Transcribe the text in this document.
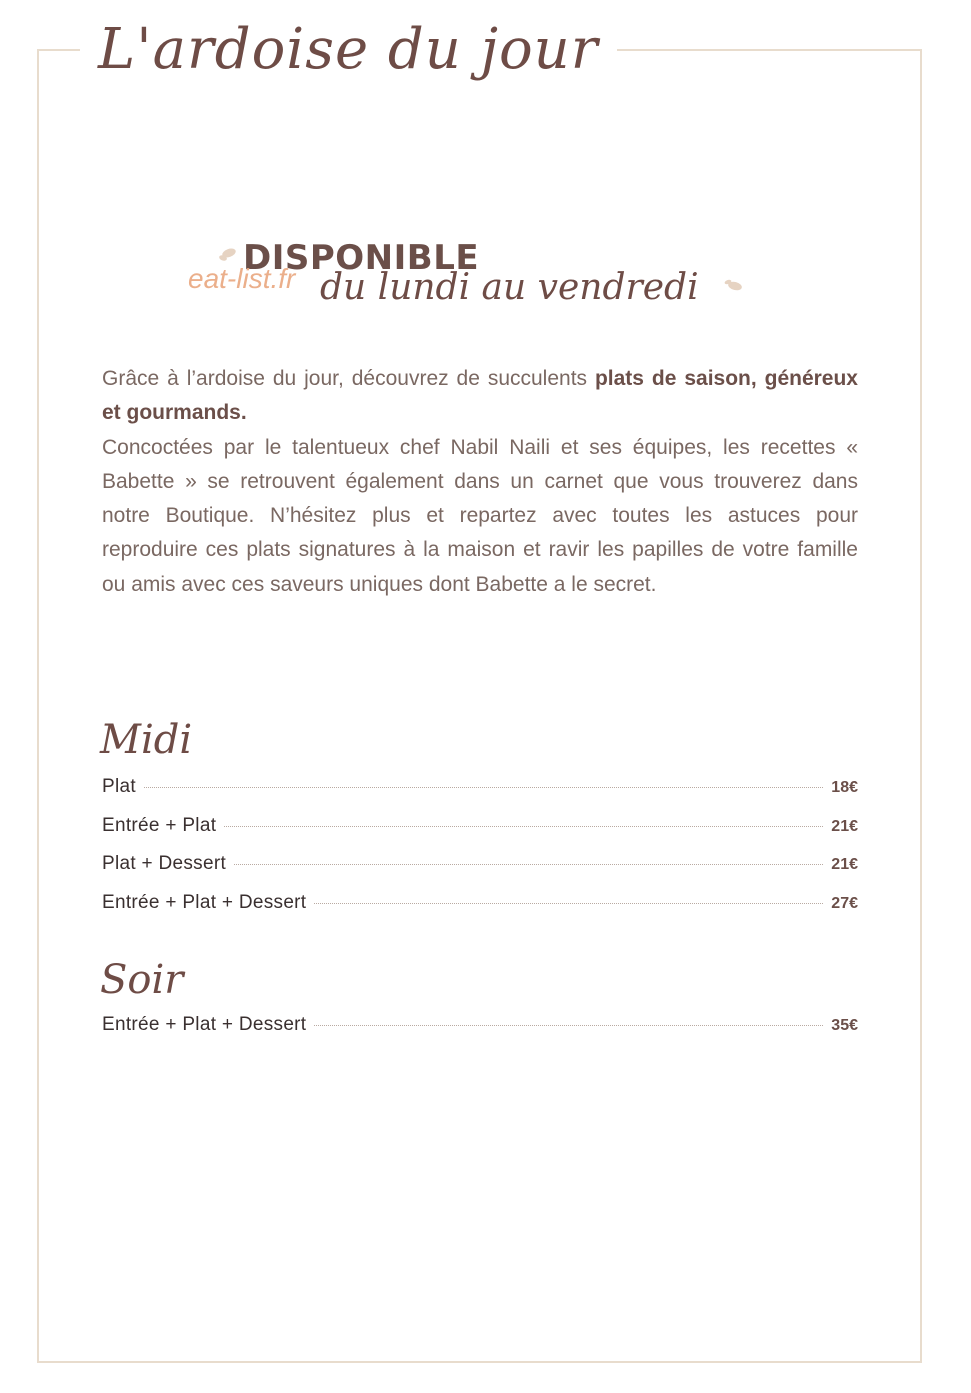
L'ardoise du jour
DISPONIBLE
eat-list.fr du lundi au vendredi

Grâce à l’ardoise du jour, découvrez de succulents plats de saison, généreux et gourmands.

Concoctées par le talentueux chef Nabil Naili et ses équipes, les recettes « Babette » se retrouvent également dans un carnet que vous trouverez dans notre Boutique. N’hésitez plus et repartez avec toutes les astuces pour reproduire ces plats signatures à la maison et ravir les papilles de votre famille ou amis avec ces saveurs uniques dont Babette a le secret.

Midi
Plat	18€
Entrée + Plat	21€
Plat + Dessert	21€
Entrée + Plat + Dessert	27€
Soir
Entrée + Plat + Dessert	35€
